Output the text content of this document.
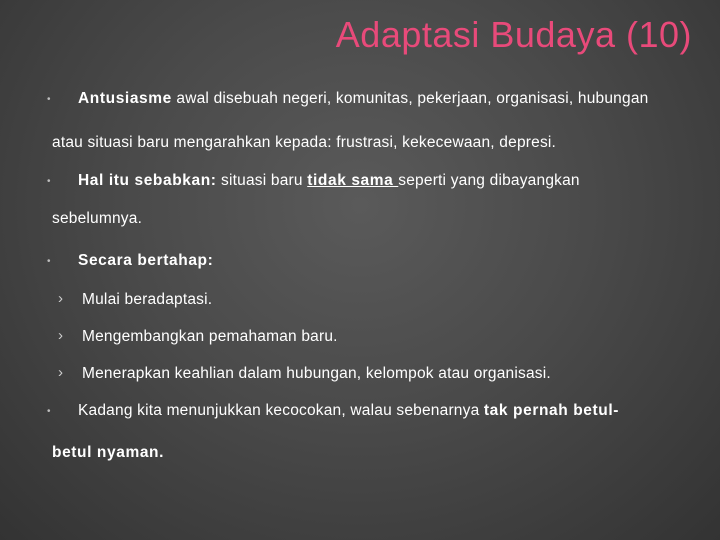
Adaptasi Budaya (10)
• Antusiasme awal disebuah negeri, komunitas, pekerjaan, organisasi, hubungan
atau situasi baru mengarahkan kepada: frustrasi, kekecewaan, depresi.
• Hal itu sebabkan: situasi baru tidak sama seperti yang dibayangkan
sebelumnya.
• Secara bertahap:
› Mulai beradaptasi.
› Mengembangkan pemahaman baru.
› Menerapkan keahlian dalam hubungan, kelompok atau organisasi.
• Kadang kita menunjukkan kecocokan, walau sebenarnya tak pernah betul-
betul nyaman.
